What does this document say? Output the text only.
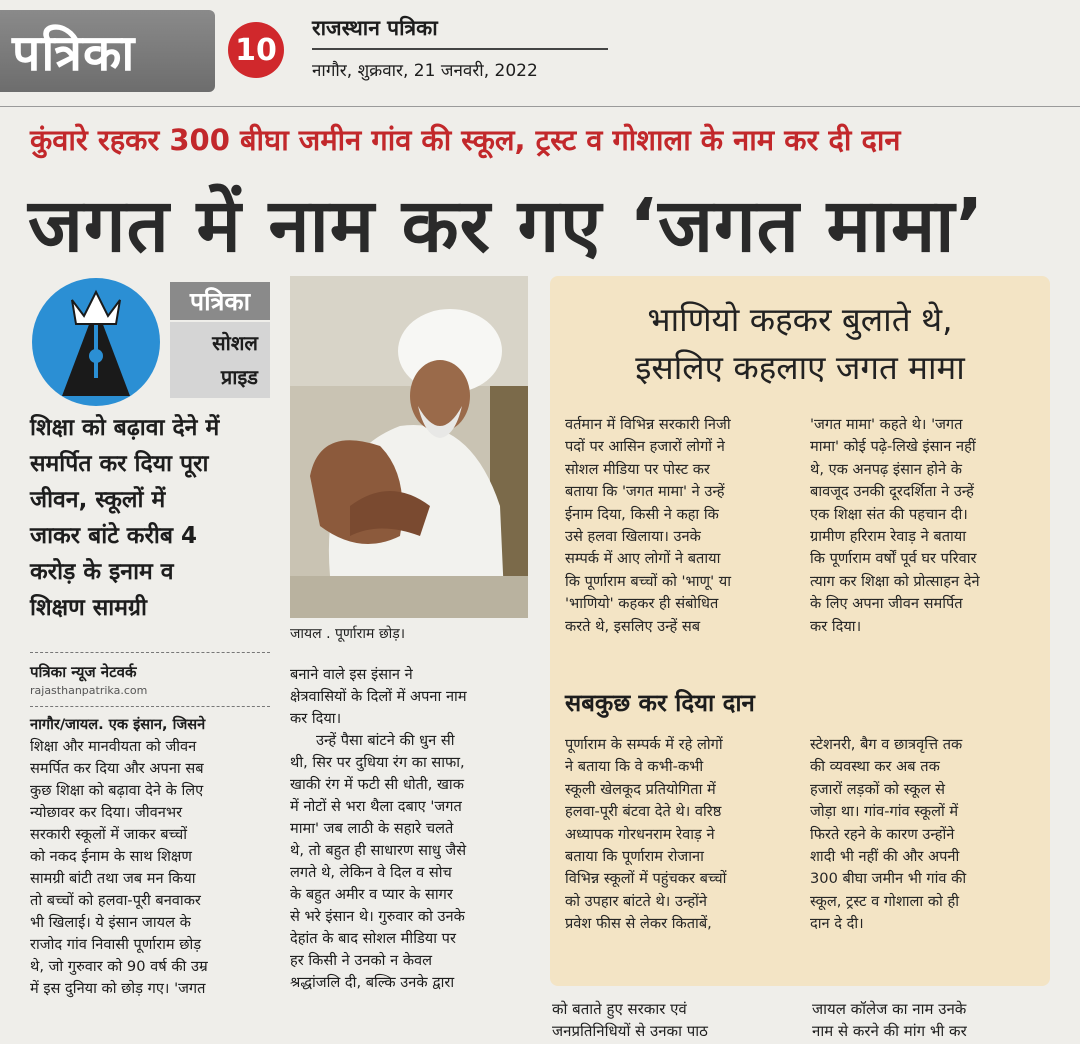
पत्रिका	10
राजस्थान पत्रिका
नागौर, शुक्रवार, 21 जनवरी, 2022
कुंवारे रहकर 300 बीघा जमीन गांव की स्कूल, ट्रस्ट व गोशाला के नाम कर दी दान
जगत में नाम कर गए ‘जगत मामा’
पत्रिका
सोशल
प्राइड
शिक्षा को बढ़ावा देने में
समर्पित कर दिया पूरा
जीवन, स्कूलों में
जाकर बांटे करीब 4
करोड़ के इनाम व
शिक्षण सामग्री
जायल . पूर्णाराम छोड़।
पत्रिका न्यूज नेटवर्क
rajasthanpatrika.com

नागौर/जायल. एक इंसान, जिसने

शिक्षा और मानवीयता को जीवन

समर्पित कर दिया और अपना सब

कुछ शिक्षा को बढ़ावा देने के लिए

न्योछावर कर दिया। जीवनभर

सरकारी स्कूलों में जाकर बच्चों

को नकद ईनाम के साथ शिक्षण

सामग्री बांटी तथा जब मन किया

तो बच्चों को हलवा-पूरी बनवाकर

भी खिलाई। ये इंसान जायल के

राजोद गांव निवासी पूर्णाराम छोड़

थे, जो गुरुवार को 90 वर्ष की उम्र

में इस दुनिया को छोड़ गए। 'जगत

बनाने वाले इस इंसान ने

क्षेत्रवासियों के दिलों में अपना नाम

कर दिया।

उन्हें पैसा बांटने की धुन सी

थी, सिर पर दुधिया रंग का साफा,

खाकी रंग में फटी सी धोती, खाक

में नोटों से भरा थैला दबाए 'जगत

मामा' जब लाठी के सहारे चलते

थे, तो बहुत ही साधारण साधु जैसे

लगते थे, लेकिन वे दिल व सोच

के बहुत अमीर व प्यार के सागर

से भरे इंसान थे। गुरुवार को उनके

देहांत के बाद सोशल मीडिया पर

हर किसी ने उनको न केवल

श्रद्धांजलि दी, बल्कि उनके द्वारा

भाणियो कहकर बुलाते थे,
इसलिए कहलाए जगत मामा
वर्तमान में विभिन्न सरकारी निजी
पदों पर आसिन हजारों लोगों ने
सोशल मीडिया पर पोस्ट कर
बताया कि 'जगत मामा' ने उन्हें
ईनाम दिया, किसी ने कहा कि
उसे हलवा खिलाया। उनके
सम्पर्क में आए लोगों ने बताया
कि पूर्णाराम बच्चों को 'भाणू' या
'भाणियो' कहकर ही संबोधित
करते थे, इसलिए उन्हें सब
'जगत मामा' कहते थे। 'जगत
मामा' कोई पढ़े-लिखे इंसान नहीं
थे, एक अनपढ़ इंसान होने के
बावजूद उनकी दूरदर्शिता ने उन्हें
एक शिक्षा संत की पहचान दी।
ग्रामीण हरिराम रेवाड़ ने बताया
कि पूर्णाराम वर्षों पूर्व घर परिवार
त्याग कर शिक्षा को प्रोत्साहन देने
के लिए अपना जीवन समर्पित
कर दिया।
सबकुछ कर दिया दान
पूर्णाराम के सम्पर्क में रहे लोगों
ने बताया कि वे कभी-कभी
स्कूली खेलकूद प्रतियोगिता में
हलवा-पूरी बंटवा देते थे। वरिष्ठ
अध्यापक गोरधनराम रेवाड़ ने
बताया कि पूर्णाराम रोजाना
विभिन्न स्कूलों में पहुंचकर बच्चों
को उपहार बांटते थे। उन्होंने
प्रवेश फीस से लेकर किताबें,
स्टेशनरी, बैग व छात्रवृत्ति तक
की व्यवस्था कर अब तक
हजारों लड़कों को स्कूल से
जोड़ा था। गांव-गांव स्कूलों में
फिरते रहने के कारण उन्होंने
शादी भी नहीं की और अपनी
300 बीघा जमीन भी गांव की
स्कूल, ट्रस्ट व गोशाला को ही
दान दे दी।
को बताते हुए सरकार एवं
जनप्रतिनिधियों से उनका पाठ
जायल कॉलेज का नाम उनके
नाम से करने की मांग भी कर
